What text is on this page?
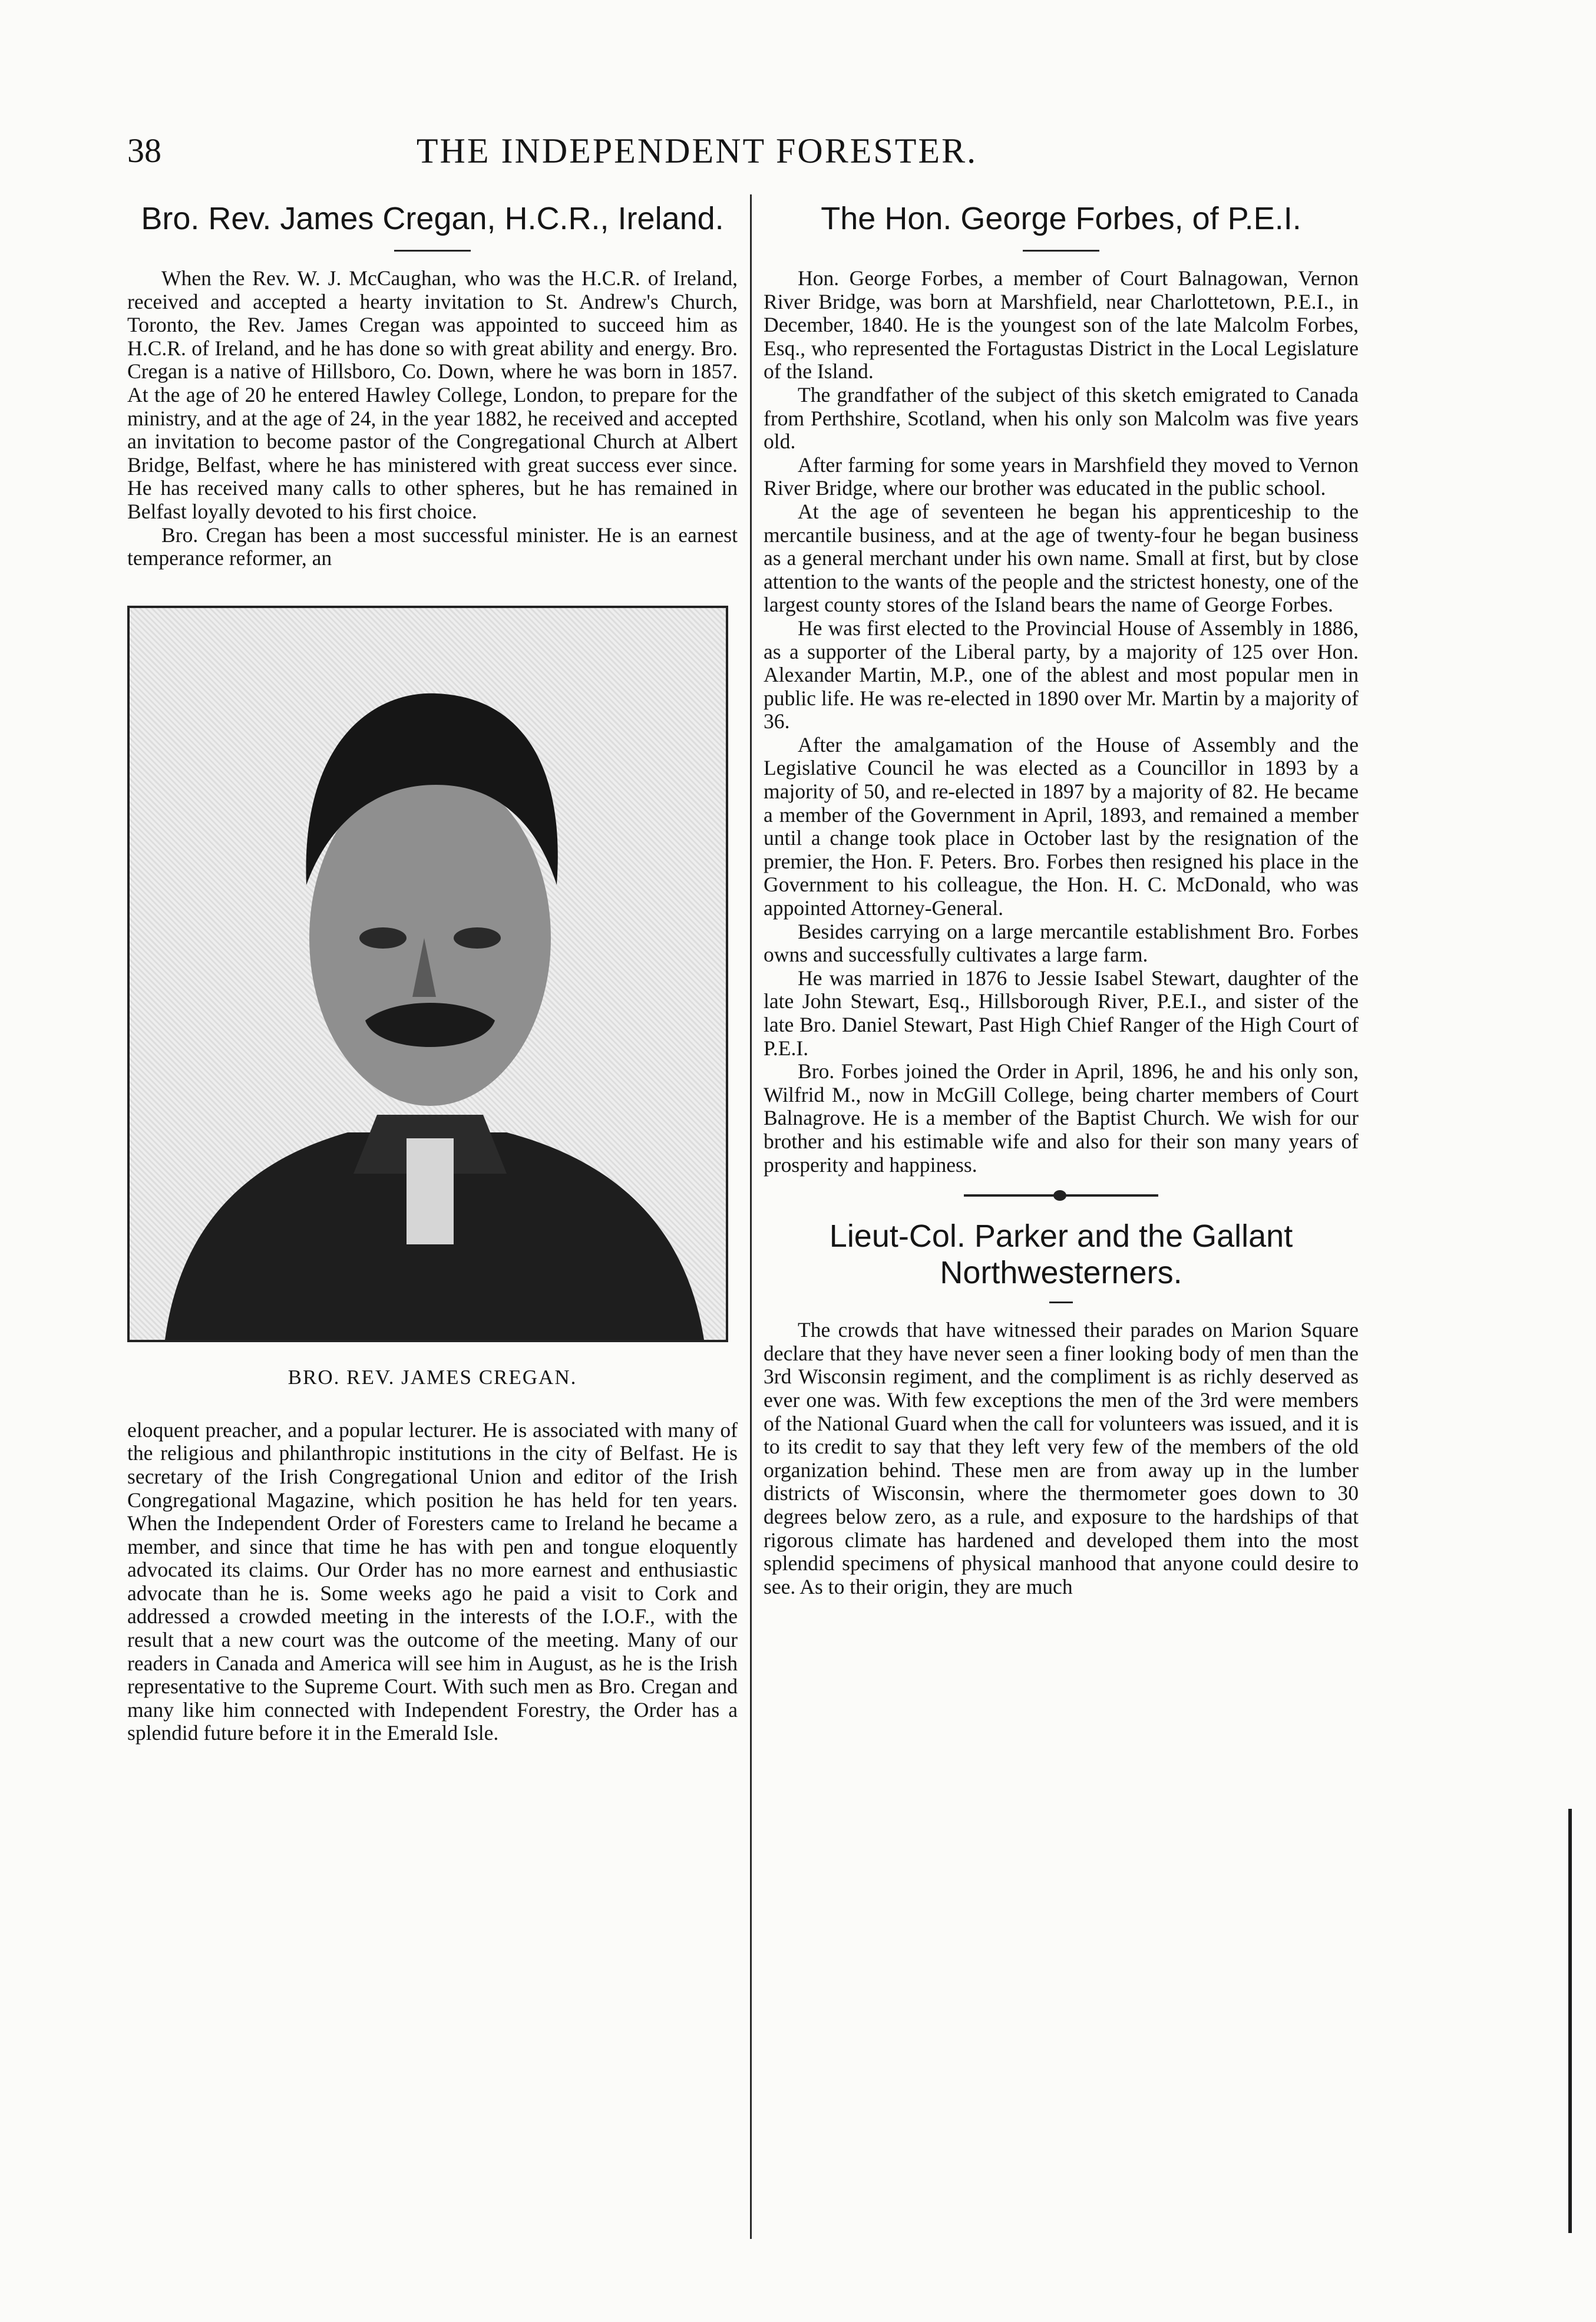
38	THE INDEPENDENT FORESTER.
Bro. Rev. James Cregan, H.C.R., Ireland.

When the Rev. W. J. McCaughan, who was the H.C.R. of Ireland, received and accepted a hearty invitation to St. Andrew's Church, Toronto, the Rev. James Cregan was appointed to succeed him as H.C.R. of Ireland, and he has done so with great ability and energy. Bro. Cregan is a native of Hillsboro, Co. Down, where he was born in 1857. At the age of 20 he entered Hawley College, London, to prepare for the ministry, and at the age of 24, in the year 1882, he received and accepted an invitation to become pastor of the Congregational Church at Albert Bridge, Belfast, where he has ministered with great success ever since. He has received many calls to other spheres, but he has remained in Belfast loyally devoted to his first choice.

Bro. Cregan has been a most successful minister. He is an earnest temperance reformer, an

BRO. REV. JAMES CREGAN.

eloquent preacher, and a popular lecturer. He is associated with many of the religious and philanthropic institutions in the city of Belfast. He is secretary of the Irish Congregational Union and editor of the Irish Congregational Magazine, which position he has held for ten years. When the Independent Order of Foresters came to Ireland he became a member, and since that time he has with pen and tongue eloquently advocated its claims. Our Order has no more earnest and enthusiastic advocate than he is. Some weeks ago he paid a visit to Cork and addressed a crowded meeting in the interests of the I.O.F., with the result that a new court was the outcome of the meeting. Many of our readers in Canada and America will see him in August, as he is the Irish representative to the Supreme Court. With such men as Bro. Cregan and many like him connected with Independent Forestry, the Order has a splendid future before it in the Emerald Isle.

The Hon. George Forbes, of P.E.I.

Hon. George Forbes, a member of Court Balnagowan, Vernon River Bridge, was born at Marshfield, near Charlottetown, P.E.I., in December, 1840. He is the youngest son of the late Malcolm Forbes, Esq., who represented the Fortagustas District in the Local Legislature of the Island.

The grandfather of the subject of this sketch emigrated to Canada from Perthshire, Scotland, when his only son Malcolm was five years old.

After farming for some years in Marshfield they moved to Vernon River Bridge, where our brother was educated in the public school.

At the age of seventeen he began his apprenticeship to the mercantile business, and at the age of twenty-four he began business as a general merchant under his own name. Small at first, but by close attention to the wants of the people and the strictest honesty, one of the largest county stores of the Island bears the name of George Forbes.

He was first elected to the Provincial House of Assembly in 1886, as a supporter of the Liberal party, by a majority of 125 over Hon. Alexander Martin, M.P., one of the ablest and most popular men in public life. He was re-elected in 1890 over Mr. Martin by a majority of 36.

After the amalgamation of the House of Assembly and the Legislative Council he was elected as a Councillor in 1893 by a majority of 50, and re-elected in 1897 by a majority of 82. He became a member of the Government in April, 1893, and remained a member until a change took place in October last by the resignation of the premier, the Hon. F. Peters. Bro. Forbes then resigned his place in the Government to his colleague, the Hon. H. C. McDonald, who was appointed Attorney-General.

Besides carrying on a large mercantile establishment Bro. Forbes owns and successfully cultivates a large farm.

He was married in 1876 to Jessie Isabel Stewart, daughter of the late John Stewart, Esq., Hillsborough River, P.E.I., and sister of the late Bro. Daniel Stewart, Past High Chief Ranger of the High Court of P.E.I.

Bro. Forbes joined the Order in April, 1896, he and his only son, Wilfrid M., now in McGill College, being charter members of Court Balnagrove. He is a member of the Baptist Church. We wish for our brother and his estimable wife and also for their son many years of prosperity and happiness.

Lieut-Col. Parker and the Gallant Northwesterners.

The crowds that have witnessed their parades on Marion Square declare that they have never seen a finer looking body of men than the 3rd Wisconsin regiment, and the compliment is as richly deserved as ever one was. With few exceptions the men of the 3rd were members of the National Guard when the call for volunteers was issued, and it is to its credit to say that they left very few of the members of the old organization behind. These men are from away up in the lumber districts of Wisconsin, where the thermometer goes down to 30 degrees below zero, as a rule, and exposure to the hardships of that rigorous climate has hardened and developed them into the most splendid specimens of physical manhood that anyone could desire to see. As to their origin, they are much
